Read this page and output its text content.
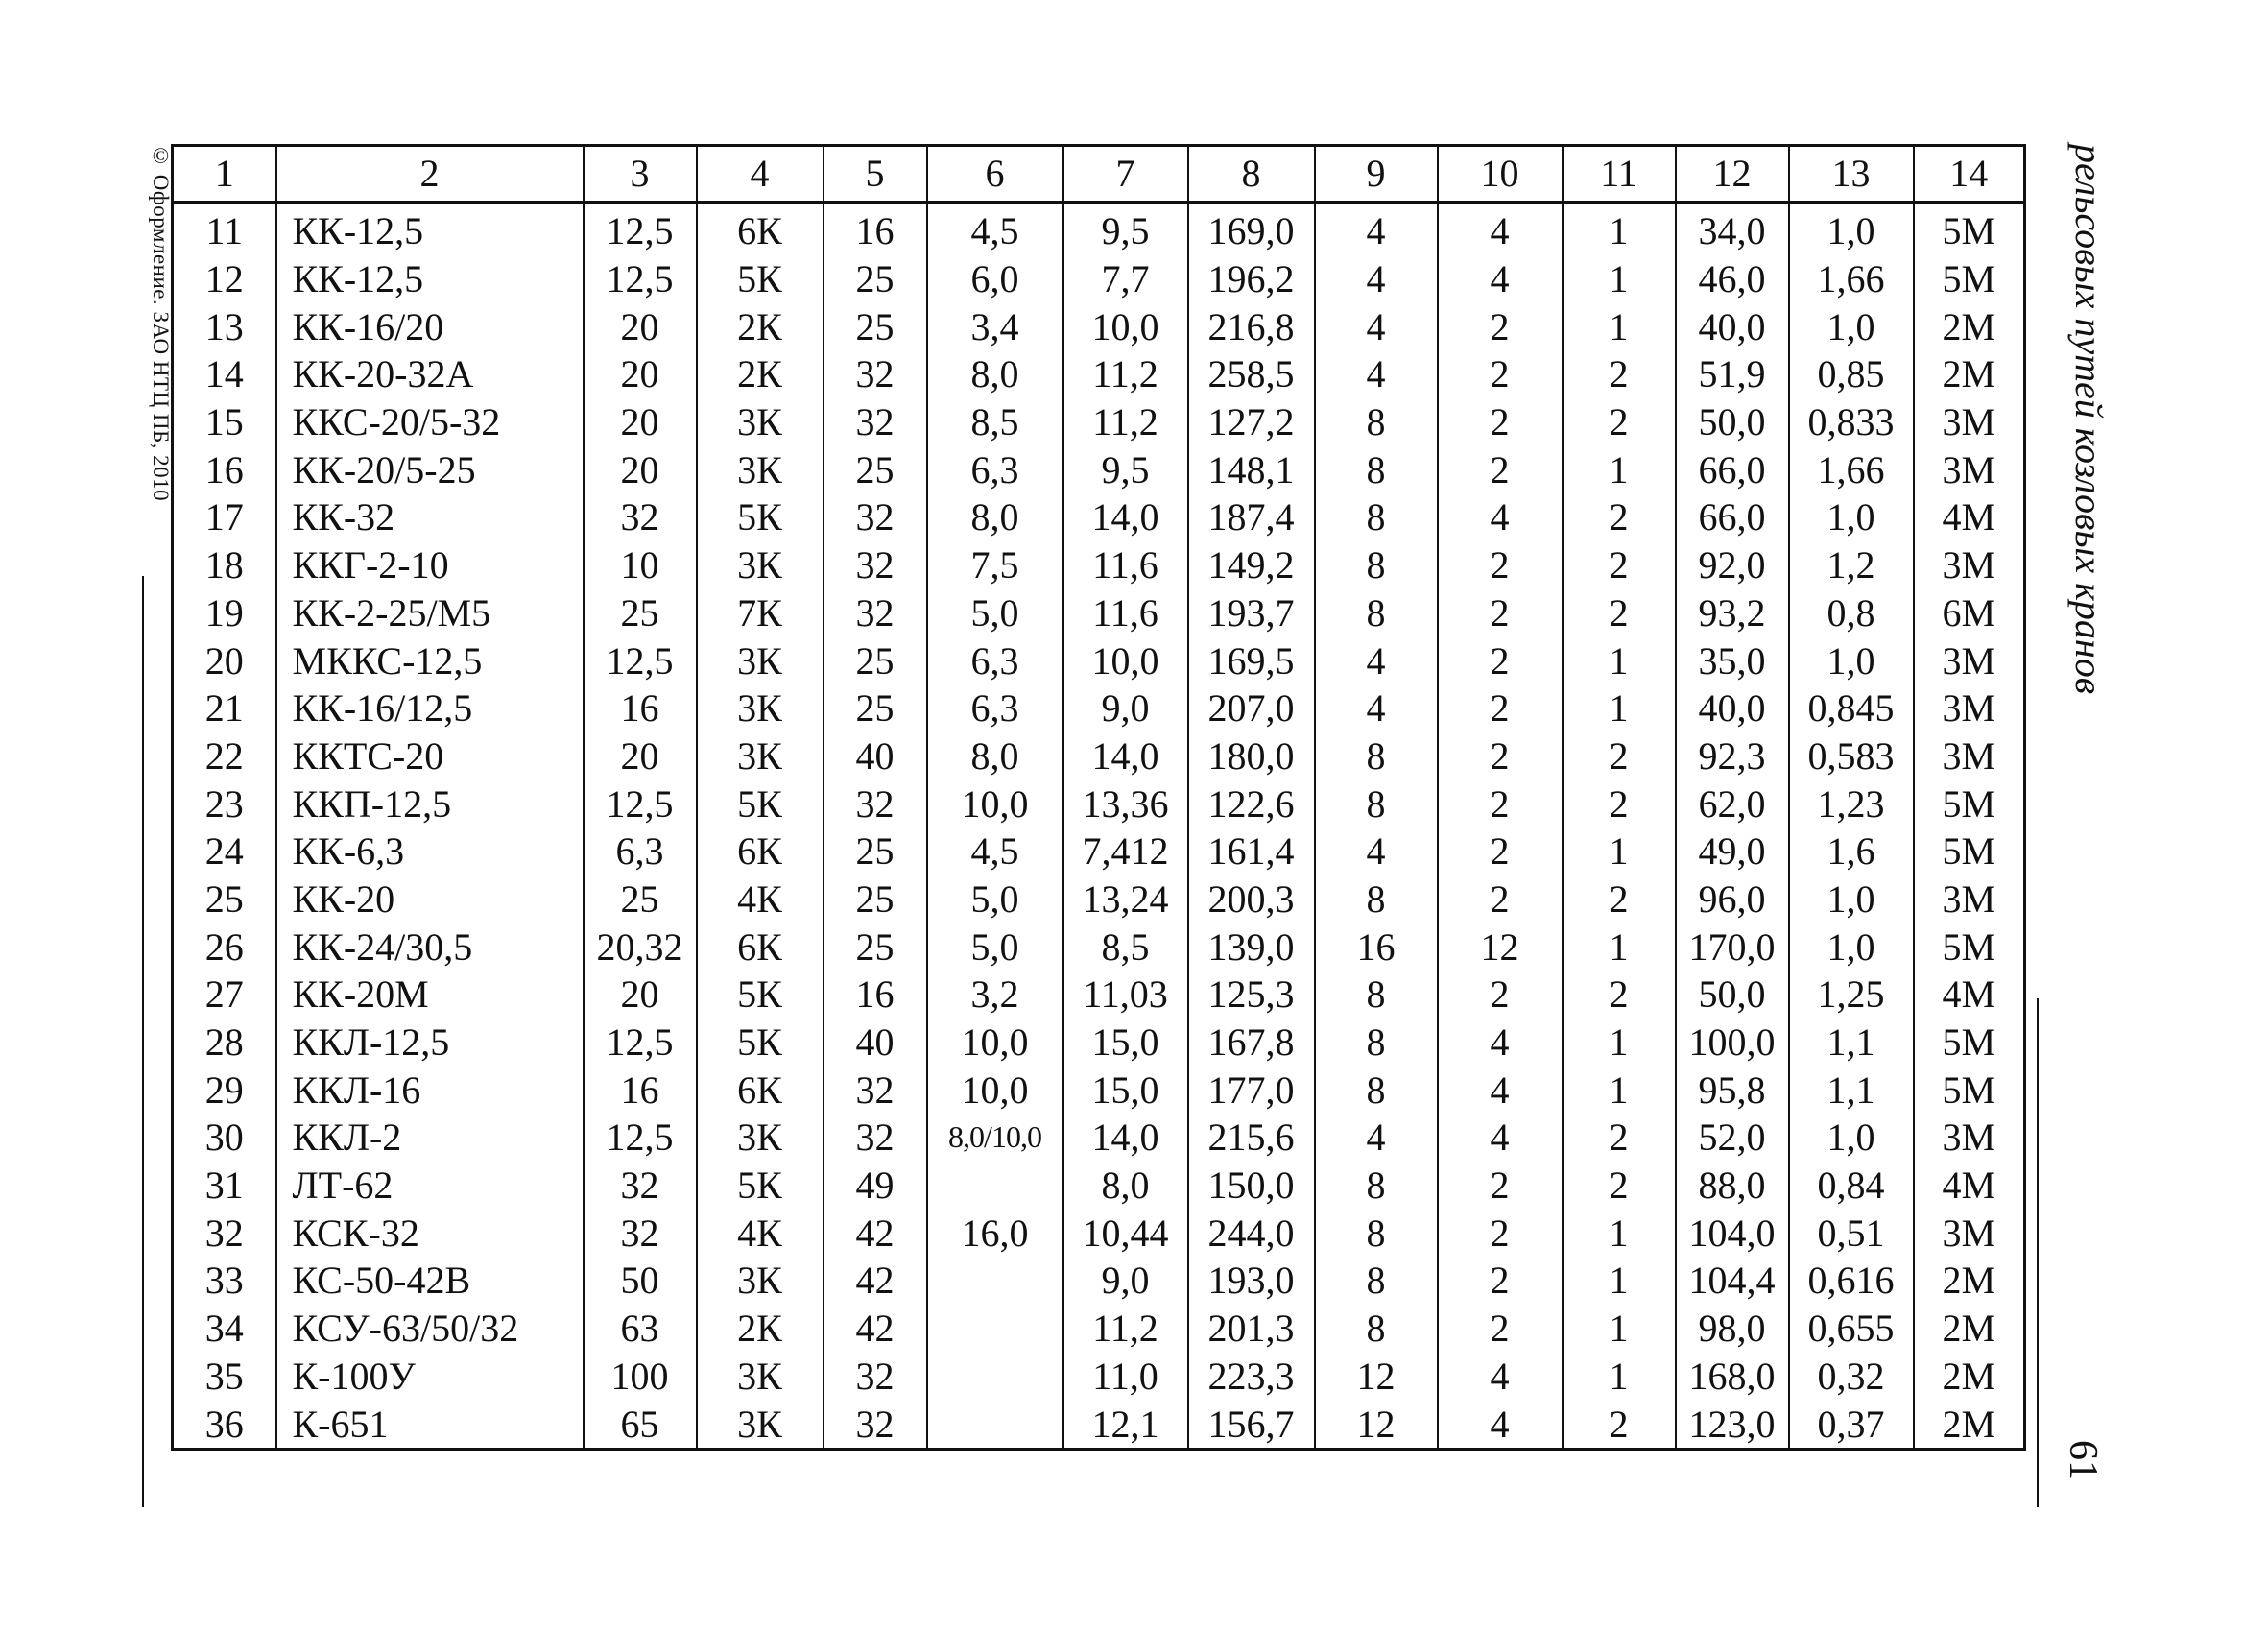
© Оформление. ЗАО НТЦ ПБ, 2010 1	2	3	4	5	6	7	8	9	10	11	12	13	14
11	КК-12,5	12,5	6К	16	4,5	9,5	169,0	4	4	1	34,0	1,0	5М
12	КК-12,5	12,5	5К	25	6,0	7,7	196,2	4	4	1	46,0	1,66	5М
13	КК-16/20	20	2К	25	3,4	10,0	216,8	4	2	1	40,0	1,0	2М
14	КК-20-32А	20	2К	32	8,0	11,2	258,5	4	2	2	51,9	0,85	2М
15	ККС-20/5-32	20	3К	32	8,5	11,2	127,2	8	2	2	50,0	0,833	3М
16	КК-20/5-25	20	3К	25	6,3	9,5	148,1	8	2	1	66,0	1,66	3М
17	КК-32	32	5К	32	8,0	14,0	187,4	8	4	2	66,0	1,0	4М
18	ККГ-2-10	10	3К	32	7,5	11,6	149,2	8	2	2	92,0	1,2	3М
19	КК-2-25/М5	25	7К	32	5,0	11,6	193,7	8	2	2	93,2	0,8	6М
20	МККС-12,5	12,5	3К	25	6,3	10,0	169,5	4	2	1	35,0	1,0	3М
21	КК-16/12,5	16	3К	25	6,3	9,0	207,0	4	2	1	40,0	0,845	3М
22	ККТС-20	20	3К	40	8,0	14,0	180,0	8	2	2	92,3	0,583	3М
23	ККП-12,5	12,5	5К	32	10,0	13,36	122,6	8	2	2	62,0	1,23	5М
24	КК-6,3	6,3	6К	25	4,5	7,412	161,4	4	2	1	49,0	1,6	5М
25	КК-20	25	4К	25	5,0	13,24	200,3	8	2	2	96,0	1,0	3М
26	КК-24/30,5	20,32	6К	25	5,0	8,5	139,0	16	12	1	170,0	1,0	5М
27	КК-20М	20	5К	16	3,2	11,03	125,3	8	2	2	50,0	1,25	4М
28	ККЛ-12,5	12,5	5К	40	10,0	15,0	167,8	8	4	1	100,0	1,1	5М
29	ККЛ-16	16	6К	32	10,0	15,0	177,0	8	4	1	95,8	1,1	5М
30	ККЛ-2	12,5	3К	32	8,0/10,0	14,0	215,6	4	4	2	52,0	1,0	3М
31	ЛТ-62	32	5К	49		8,0	150,0	8	2	2	88,0	0,84	4М
32	КСК-32	32	4К	42	16,0	10,44	244,0	8	2	1	104,0	0,51	3М
33	КС-50-42В	50	3К	42		9,0	193,0	8	2	1	104,4	0,616	2М
34	КСУ-63/50/32	63	2К	42		11,2	201,3	8	2	1	98,0	0,655	2М
35	К-100У	100	3К	32		11,0	223,3	12	4	1	168,0	0,32	2М
36	К-651	65	3К	32		12,1	156,7	12	4	2	123,0	0,37	2М
рельсовых путей козловых кранов
61
